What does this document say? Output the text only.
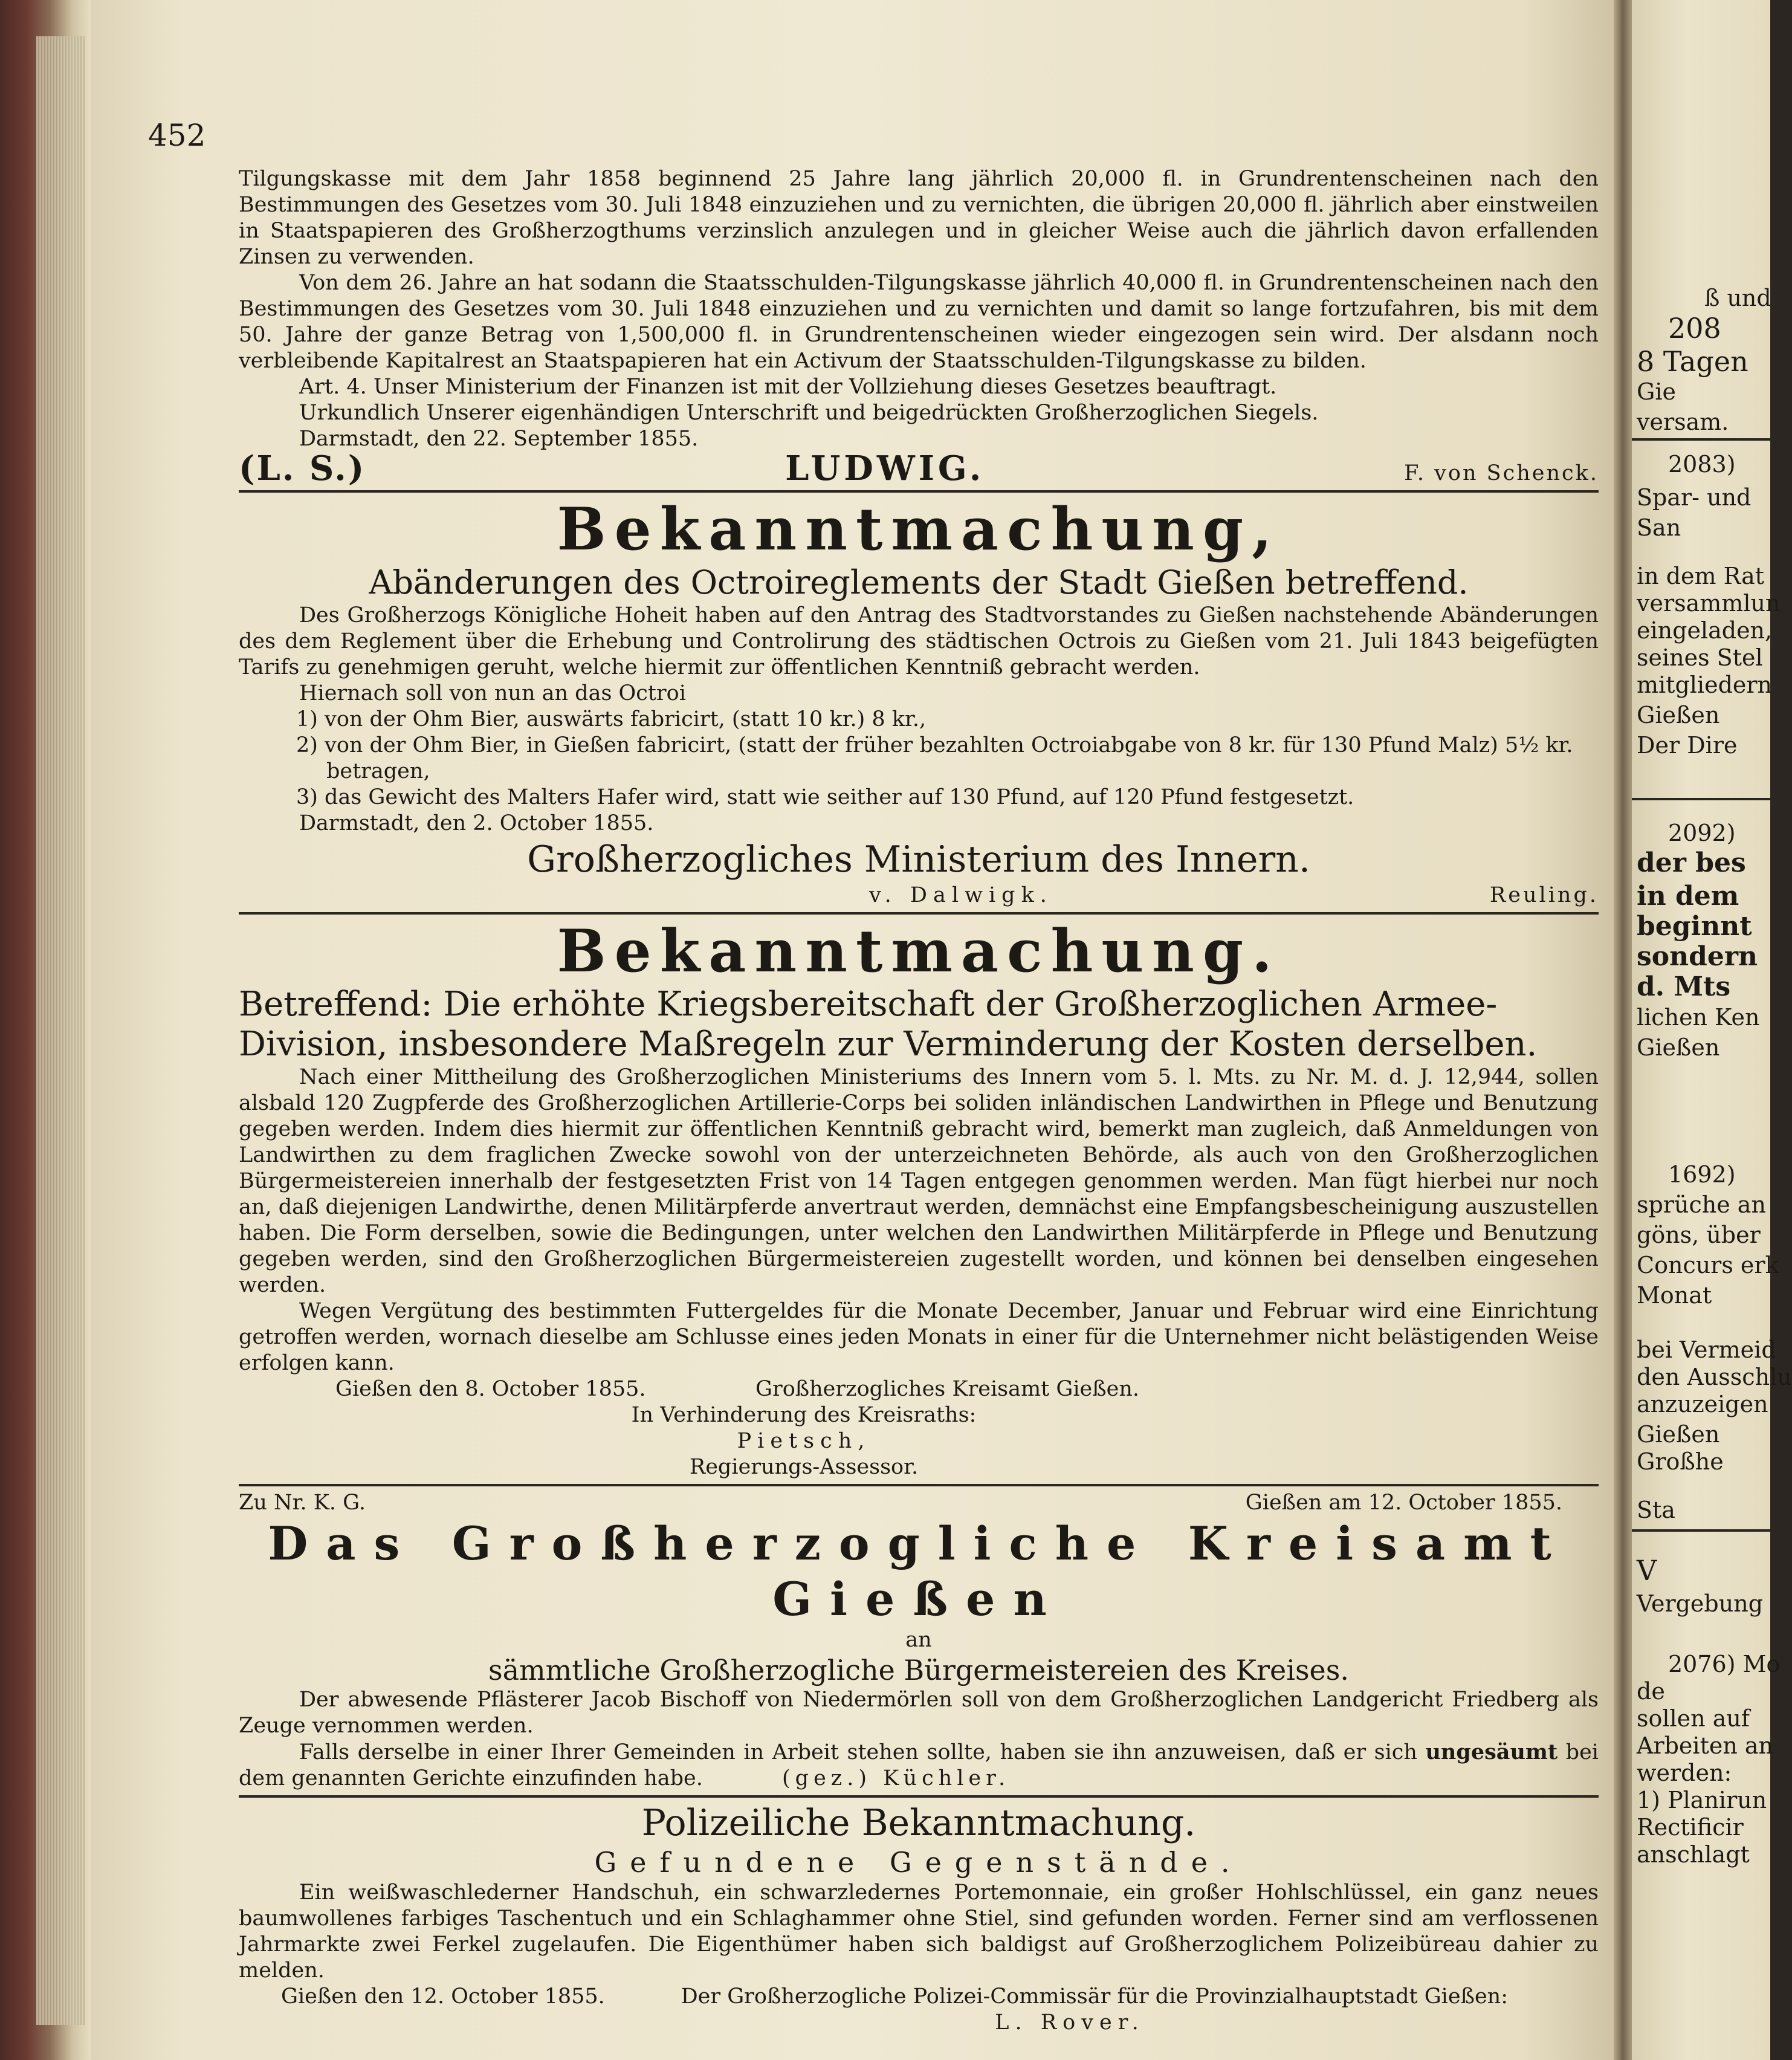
ß und
208
8 Tagen
Gie
versam.
2083)
Spar- und
San
in dem Rat
versammlun
eingeladen,
seines Stel
mitgliedern
Gießen
Der Dire
2092)
der bes
in dem
beginnt
sondern
d. Mts
lichen Ken
Gießen
1692)
sprüche an
göns, über
Concurs erk
Monat
bei Vermeid
den Ausschlu
anzuzeigen
Gießen
Großhe
Sta
V
Vergebung
2076) Mo
de
sollen auf
Arbeiten an
werden:
1) Planirun
Rectificir
anschlagt
452

Tilgungskasse mit dem Jahr 1858 beginnend 25 Jahre lang jährlich 20,000 fl. in Grundrentenscheinen nach den Bestimmungen des Gesetzes vom 30. Juli 1848 einzuziehen und zu vernichten, die übrigen 20,000 fl. jährlich aber einstweilen in Staatspapieren des Großherzogthums verzinslich anzulegen und in gleicher Weise auch die jährlich davon erfallenden Zinsen zu verwenden.

Von dem 26. Jahre an hat sodann die Staatsschulden-Tilgungskasse jährlich 40,000 fl. in Grundrentenscheinen nach den Bestimmungen des Gesetzes vom 30. Juli 1848 einzuziehen und zu vernichten und damit so lange fortzufahren, bis mit dem 50. Jahre der ganze Betrag von 1,500,000 fl. in Grundrentenscheinen wieder eingezogen sein wird. Der alsdann noch verbleibende Kapitalrest an Staatspapieren hat ein Activum der Staatsschulden-Tilgungskasse zu bilden.

Art. 4. Unser Ministerium der Finanzen ist mit der Vollziehung dieses Gesetzes beauftragt.

Urkundlich Unserer eigenhändigen Unterschrift und beigedrückten Großherzoglichen Siegels.

Darmstadt, den 22. September 1855.

(L. S.)	LUDWIG.	F. von Schenck.

Bekanntmachung,

Abänderungen des Octroireglements der Stadt Gießen betreffend.

Des Großherzogs Königliche Hoheit haben auf den Antrag des Stadtvorstandes zu Gießen nachstehende Abänderungen des dem Reglement über die Erhebung und Controlirung des städtischen Octrois zu Gießen vom 21. Juli 1843 beigefügten Tarifs zu genehmigen geruht, welche hiermit zur öffentlichen Kenntniß gebracht werden.

Hiernach soll von nun an das Octroi

1) von der Ohm Bier, auswärts fabricirt, (statt 10 kr.) 8 kr.,

2) von der Ohm Bier, in Gießen fabricirt, (statt der früher bezahlten Octroiabgabe von 8 kr. für 130 Pfund Malz) 5½ kr. betragen,

3) das Gewicht des Malters Hafer wird, statt wie seither auf 130 Pfund, auf 120 Pfund festgesetzt.

Darmstadt, den 2. October 1855.

Großherzogliches Ministerium des Innern.

v. Dalwigk.	Reuling.

Bekanntmachung.

Betreffend: Die erhöhte Kriegsbereitschaft der Großherzoglichen Armee-Division, insbesondere Maßregeln zur Verminderung der Kosten derselben.

Nach einer Mittheilung des Großherzoglichen Ministeriums des Innern vom 5. l. Mts. zu Nr. M. d. J. 12,944, sollen alsbald 120 Zugpferde des Großherzoglichen Artillerie-Corps bei soliden inländischen Landwirthen in Pflege und Benutzung gegeben werden. Indem dies hiermit zur öffentlichen Kenntniß gebracht wird, bemerkt man zugleich, daß Anmeldungen von Landwirthen zu dem fraglichen Zwecke sowohl von der unterzeichneten Behörde, als auch von den Großherzoglichen Bürgermeistereien innerhalb der festgesetzten Frist von 14 Tagen entgegen genommen werden. Man fügt hierbei nur noch an, daß diejenigen Landwirthe, denen Militärpferde anvertraut werden, demnächst eine Empfangsbescheinigung auszustellen haben. Die Form derselben, sowie die Bedingungen, unter welchen den Landwirthen Militärpferde in Pflege und Benutzung gegeben werden, sind den Großherzoglichen Bürgermeistereien zugestellt worden, und können bei denselben eingesehen werden.

Wegen Vergütung des bestimmten Futtergeldes für die Monate December, Januar und Februar wird eine Einrichtung getroffen werden, wornach dieselbe am Schlusse eines jeden Monats in einer für die Unternehmer nicht belästigenden Weise erfolgen kann.

Gießen den 8. October 1855.	Großherzogliches Kreisamt Gießen.

In Verhinderung des Kreisraths:

Pietsch,

Regierungs-Assessor.

Zu Nr. K. G.	Gießen am 12. October 1855.

Das Großherzogliche Kreisamt Gießen

an

sämmtliche Großherzogliche Bürgermeistereien des Kreises.

Der abwesende Pflästerer Jacob Bischoff von Niedermörlen soll von dem Großherzoglichen Landgericht Friedberg als Zeuge vernommen werden.

Falls derselbe in einer Ihrer Gemeinden in Arbeit stehen sollte, haben sie ihn anzuweisen, daß er sich ungesäumt bei dem genannten Gerichte einzufinden habe.	(gez.) Küchler.

Polizeiliche Bekanntmachung.

Gefundene Gegenstände.

Ein weißwaschlederner Handschuh, ein schwarzledernes Portemonnaie, ein großer Hohlschlüssel, ein ganz neues baumwollenes farbiges Taschentuch und ein Schlaghammer ohne Stiel, sind gefunden worden. Ferner sind am verflossenen Jahrmarkte zwei Ferkel zugelaufen. Die Eigenthümer haben sich baldigst auf Großherzoglichem Polizeibüreau dahier zu melden.

Gießen den 12. October 1855.	Der Großherzogliche Polizei-Commissär für die Provinzialhauptstadt Gießen:

L. Rover.
